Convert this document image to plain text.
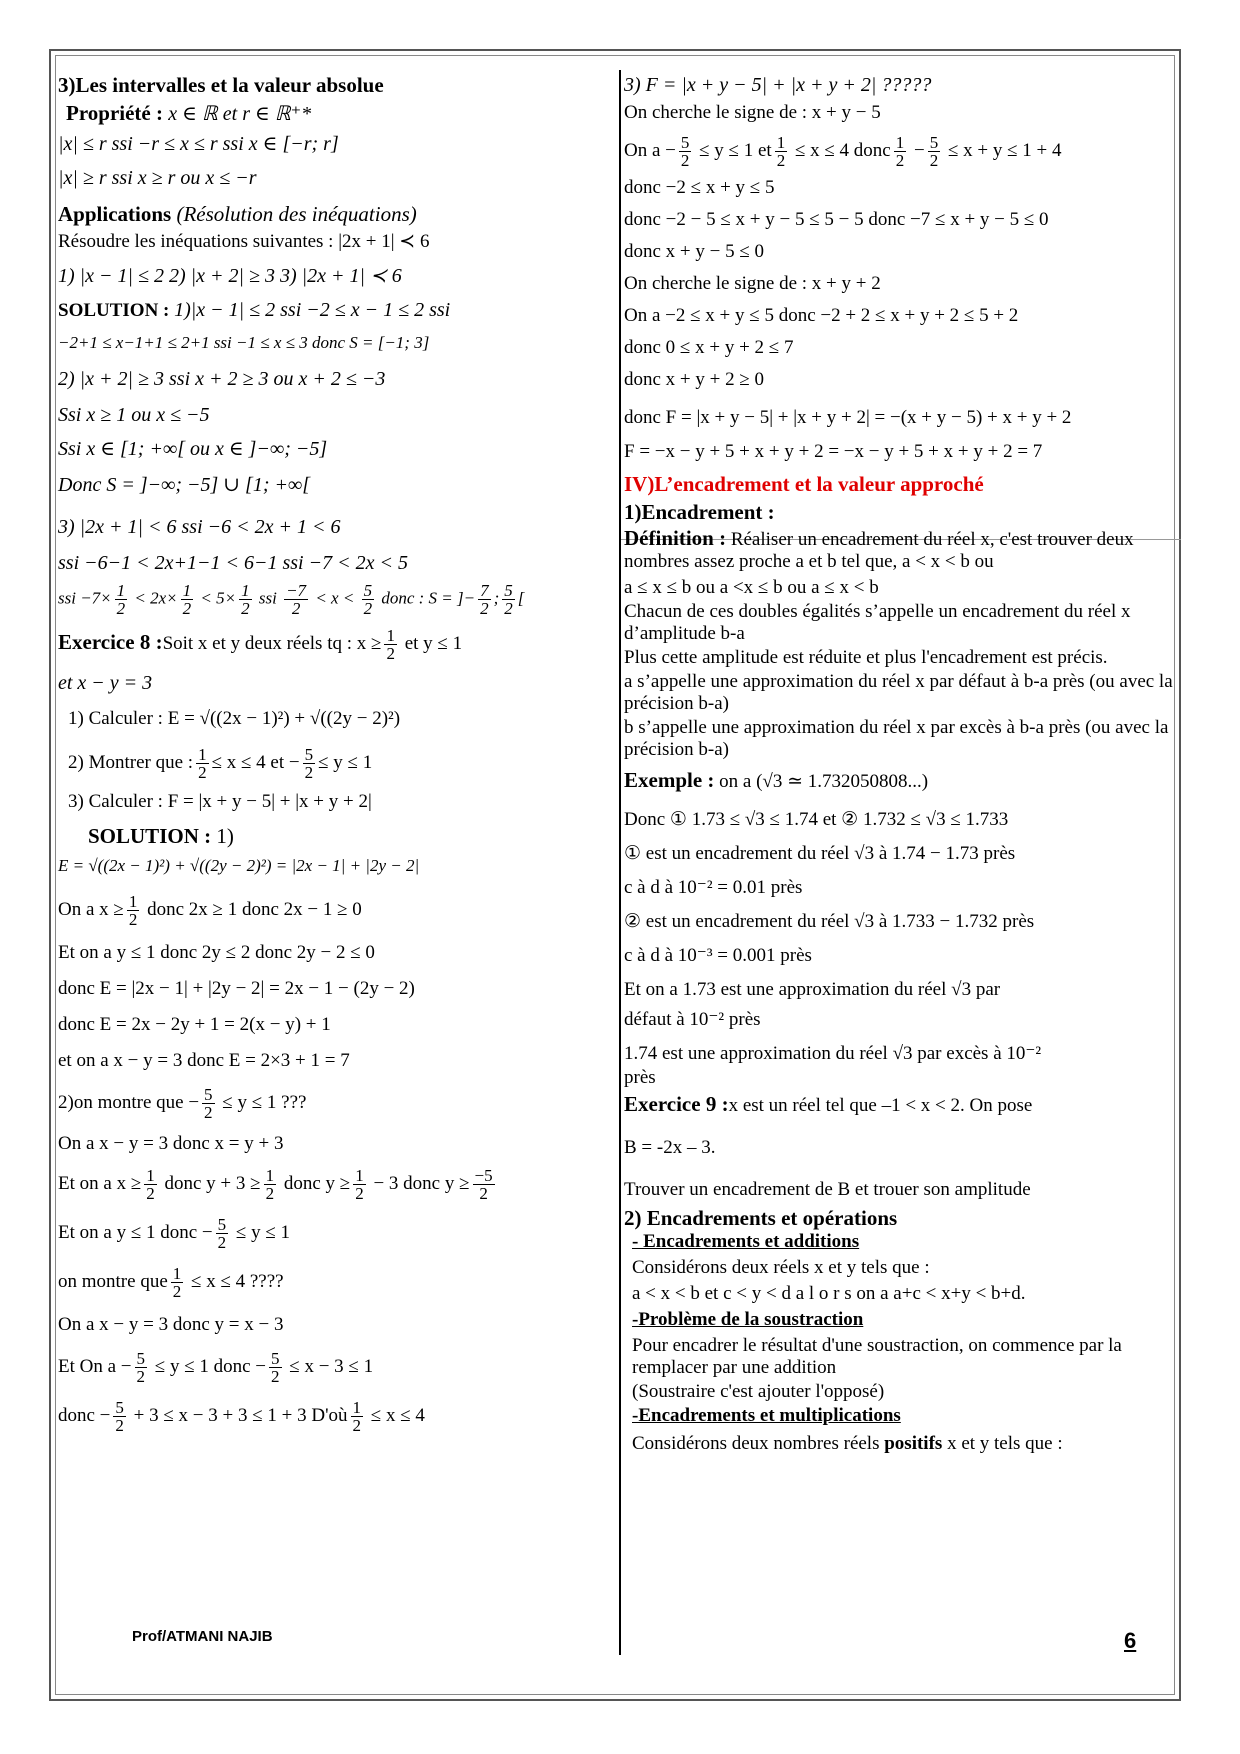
3)Les intervalles et la valeur absolue

Propriété : x ∈ ℝ et r ∈ ℝ⁺*

|x| ≤ r ssi −r ≤ x ≤ r ssi x ∈ [−r; r]

|x| ≥ r ssi x ≥ r ou x ≤ −r

Applications (Résolution des inéquations)

Résoudre les inéquations suivantes : |2x + 1| ≺ 6

1) |x − 1| ≤ 2 2) |x + 2| ≥ 3 3) |2x + 1| ≺ 6

SOLUTION : 1)|x − 1| ≤ 2 ssi −2 ≤ x − 1 ≤ 2 ssi

−2+1 ≤ x−1+1 ≤ 2+1 ssi −1 ≤ x ≤ 3 donc S = [−1; 3]

2) |x + 2| ≥ 3 ssi x + 2 ≥ 3 ou x + 2 ≤ −3

Ssi x ≥ 1 ou x ≤ −5

Ssi x ∈ [1; +∞[ ou x ∈ ]−∞; −5]

Donc S = ]−∞; −5] ∪ [1; +∞[

3) |2x + 1| < 6 ssi −6 < 2x + 1 < 6

ssi −6−1 < 2x+1−1 < 6−1 ssi −7 < 2x < 5

ssi $-7\times \frac{1}{2} < 2x\times \frac{1}{2} < 5\times \frac{1}{2}$ ssi $\frac{-7}{2} < x < \frac{5}{2}$ donc : S = ]− $\frac{7}{2}$ ; $\frac{5}{2}$ [

Exercice 8 :Soit x et y deux réels tq : $x \ge \frac{1}{2}$ et y ≤ 1

et x − y = 3

1) Calculer : E = √((2x − 1)²) + √((2y − 2)²)

2) Montrer que : $\frac{1}{2} \le x \le 4$ et − $\frac{5}{2} \le y \le 1$

3) Calculer : F = |x + y − 5| + |x + y + 2|

SOLUTION : 1)

E = √((2x − 1)²) + √((2y − 2)²) = |2x − 1| + |2y − 2|

On a $x \ge \frac{1}{2}$ donc 2x ≥ 1 donc 2x − 1 ≥ 0

Et on a y ≤ 1 donc 2y ≤ 2 donc 2y − 2 ≤ 0

donc E = |2x − 1| + |2y − 2| = 2x − 1 − (2y − 2)

donc E = 2x − 2y + 1 = 2(x − y) + 1

et on a x − y = 3 donc E = 2×3 + 1 = 7

2)on montre que − $\frac{5}{2} \le y \le 1$ ???

On a x − y = 3 donc x = y + 3

Et on a $x \ge \frac{1}{2}$ donc $y + 3 \ge \frac{1}{2}$ donc $y \ge \frac{1}{2} - 3$ donc $y \ge \frac{-5}{2}$

Et on a y ≤ 1 donc − $\frac{5}{2} \le y \le 1$

on montre que $\frac{1}{2} \le x \le 4$ ????

On a x − y = 3 donc y = x − 3

Et On $a - \frac{5}{2} \le y \le 1$ donc − $\frac{5}{2} \le x - 3 \le 1$

donc − $\frac{5}{2} + 3 \le x - 3 + 3 \le 1 + 3$ D'où $\frac{1}{2} \le x \le 4$

3) F = |x + y − 5| + |x + y + 2| ?????

On cherche le signe de : x + y − 5

On $a - \frac{5}{2} \le y \le 1$ et $\frac{1}{2} \le x \le 4$ donc $\frac{1}{2} - \frac{5}{2} \le x + y \le 1 + 4$

donc −2 ≤ x + y ≤ 5

donc −2 − 5 ≤ x + y − 5 ≤ 5 − 5 donc −7 ≤ x + y − 5 ≤ 0

donc x + y − 5 ≤ 0

On cherche le signe de : x + y + 2

On a −2 ≤ x + y ≤ 5 donc −2 + 2 ≤ x + y + 2 ≤ 5 + 2

donc 0 ≤ x + y + 2 ≤ 7

donc x + y + 2 ≥ 0

donc F = |x + y − 5| + |x + y + 2| = −(x + y − 5) + x + y + 2

F = −x − y + 5 + x + y + 2 = −x − y + 5 + x + y + 2 = 7

IV)L’encadrement et la valeur approché

1)Encadrement :

Définition : Réaliser un encadrement du réel x, c'est trouver deux nombres assez proche a et b tel que, a < x < b ou

a ≤ x ≤ b ou a <x ≤ b ou a ≤ x < b

Chacun de ces doubles égalités s’appelle un encadrement du réel x d’amplitude b-a

Plus cette amplitude est réduite et plus l'encadrement est précis.

a s’appelle une approximation du réel x par défaut à b-a près (ou avec la précision b-a)

b s’appelle une approximation du réel x par excès à b-a près (ou avec la précision b-a)

Exemple : on a (√3 ≃ 1.732050808...)

Donc ① 1.73 ≤ √3 ≤ 1.74 et ② 1.732 ≤ √3 ≤ 1.733

① est un encadrement du réel √3 à 1.74 − 1.73 près

c à d à 10⁻² = 0.01 près

② est un encadrement du réel √3 à 1.733 − 1.732 près

c à d à 10⁻³ = 0.001 près

Et on a 1.73 est une approximation du réel √3 par

défaut à 10⁻² près

1.74 est une approximation du réel √3 par excès à 10⁻²

près

Exercice 9 :x est un réel tel que –1 < x < 2. On pose

B = -2x – 3.

Trouver un encadrement de B et trouer son amplitude

2) Encadrements et opérations

- Encadrements et additions

Considérons deux réels x et y tels que :

a < x < b et c < y < d a l o r s on a a+c < x+y < b+d.

-Problème de la soustraction

Pour encadrer le résultat d'une soustraction, on commence par la remplacer par une addition

(Soustraire c'est ajouter l'opposé)

-Encadrements et multiplications

Considérons deux nombres réels positifs x et y tels que :

Prof/ATMANI NAJIB	6
